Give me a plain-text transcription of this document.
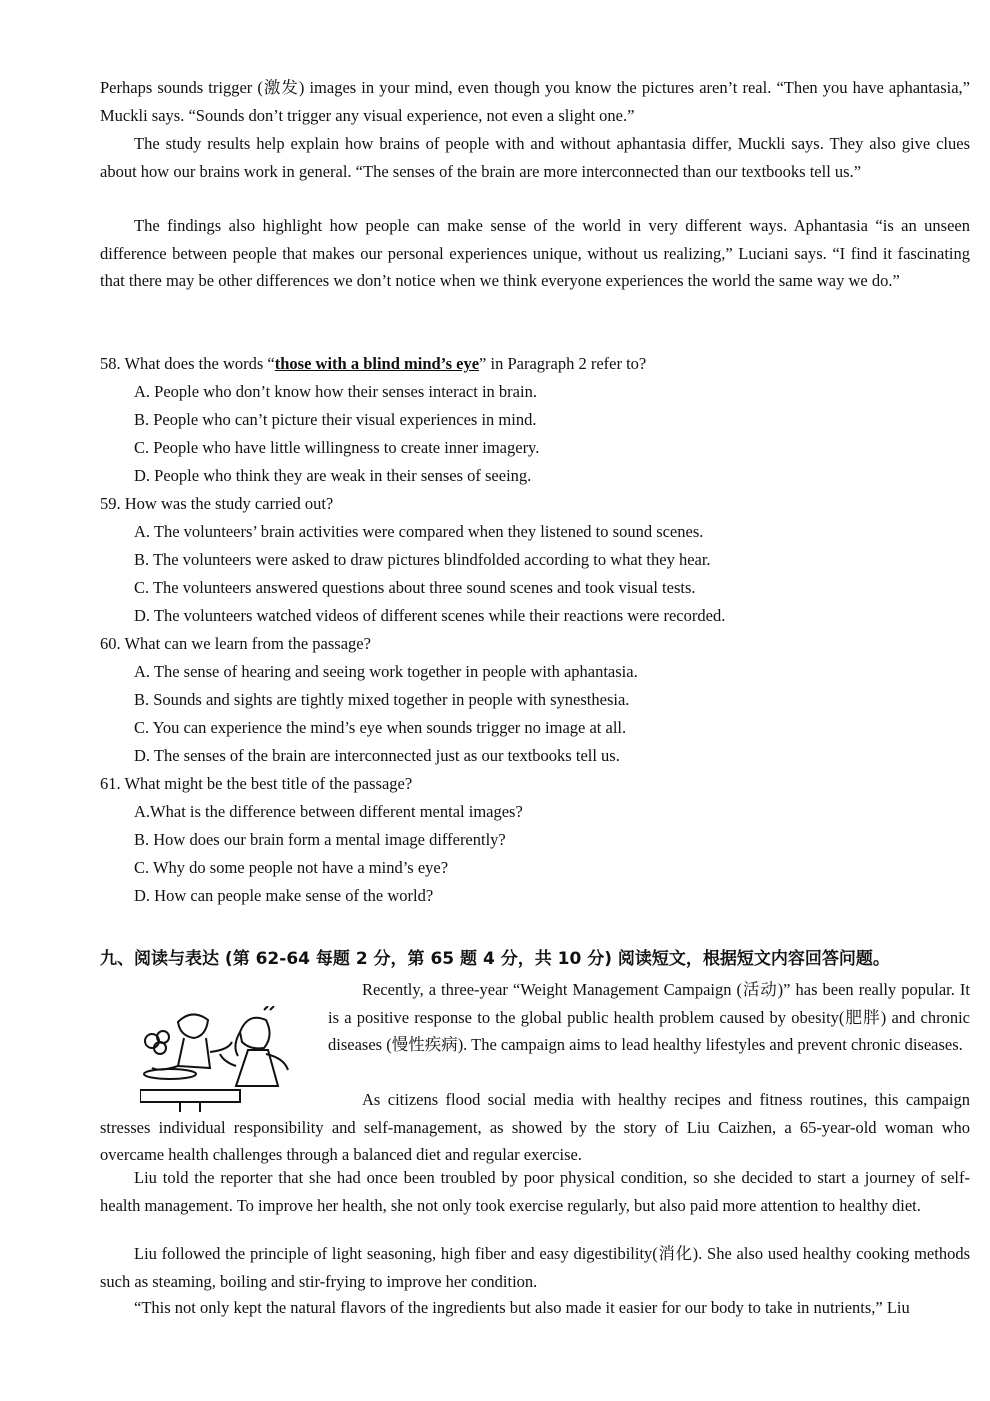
Perhaps sounds trigger (激发) images in your mind, even though you know the pictures aren’t real. “Then you have aphantasia,” Muckli says. “Sounds don’t trigger any visual experience, not even a slight one.”

The study results help explain how brains of people with and without aphantasia differ, Muckli says. They also give clues about how our brains work in general. “The senses of the brain are more interconnected than our textbooks tell us.”

The findings also highlight how people can make sense of the world in very different ways. Aphantasia “is an unseen difference between people that makes our personal experiences unique, without us realizing,” Luciani says. “I find it fascinating that there may be other differences we don’t notice when we think everyone experiences the world the same way we do.”

58. What does the words “those with a blind mind’s eye” in Paragraph 2 refer to?
A. People who don’t know how their senses interact in brain.
B. People who can’t picture their visual experiences in mind.
C. People who have little willingness to create inner imagery.
D. People who think they are weak in their senses of seeing.
59. How was the study carried out?
A. The volunteers’ brain activities were compared when they listened to sound scenes.
B. The volunteers were asked to draw pictures blindfolded according to what they hear.
C. The volunteers answered questions about three sound scenes and took visual tests.
D. The volunteers watched videos of different scenes while their reactions were recorded.
60. What can we learn from the passage?
A. The sense of hearing and seeing work together in people with aphantasia.
B. Sounds and sights are tightly mixed together in people with synesthesia.
C. You can experience the mind’s eye when sounds trigger no image at all.
D. The senses of the brain are interconnected just as our textbooks tell us.
61. What might be the best title of the passage?
A.What is the difference between different mental images?
B. How does our brain form a mental image differently?
C. Why do some people not have a mind’s eye?
D. How can people make sense of the world?
九、阅读与表达 (第 62-64 每题 2 分，第 65 题 4 分，共 10 分) 阅读短文，根据短文内容回答问题。

Recently, a three-year “Weight Management Campaign (活动)” has been really popular. It is a positive response to the global public health problem caused by obesity(肥胖) and chronic diseases (慢性疾病). The campaign aims to lead healthy lifestyles and prevent chronic diseases.

As citizens flood social media with healthy recipes and fitness routines, this campaign stresses individual responsibility and self-management, as showed by the story of Liu Caizhen, a 65-year-old woman who overcame health challenges through a balanced diet and regular exercise.

Liu told the reporter that she had once been troubled by poor physical condition, so she decided to start a journey of self-health management. To improve her health, she not only took exercise regularly, but also paid more attention to healthy diet.

Liu followed the principle of light seasoning, high fiber and easy digestibility(消化). She also used healthy cooking methods such as steaming, boiling and stir-frying to improve her condition.

“This not only kept the natural flavors of the ingredients but also made it easier for our body to take in nutrients,” Liu
